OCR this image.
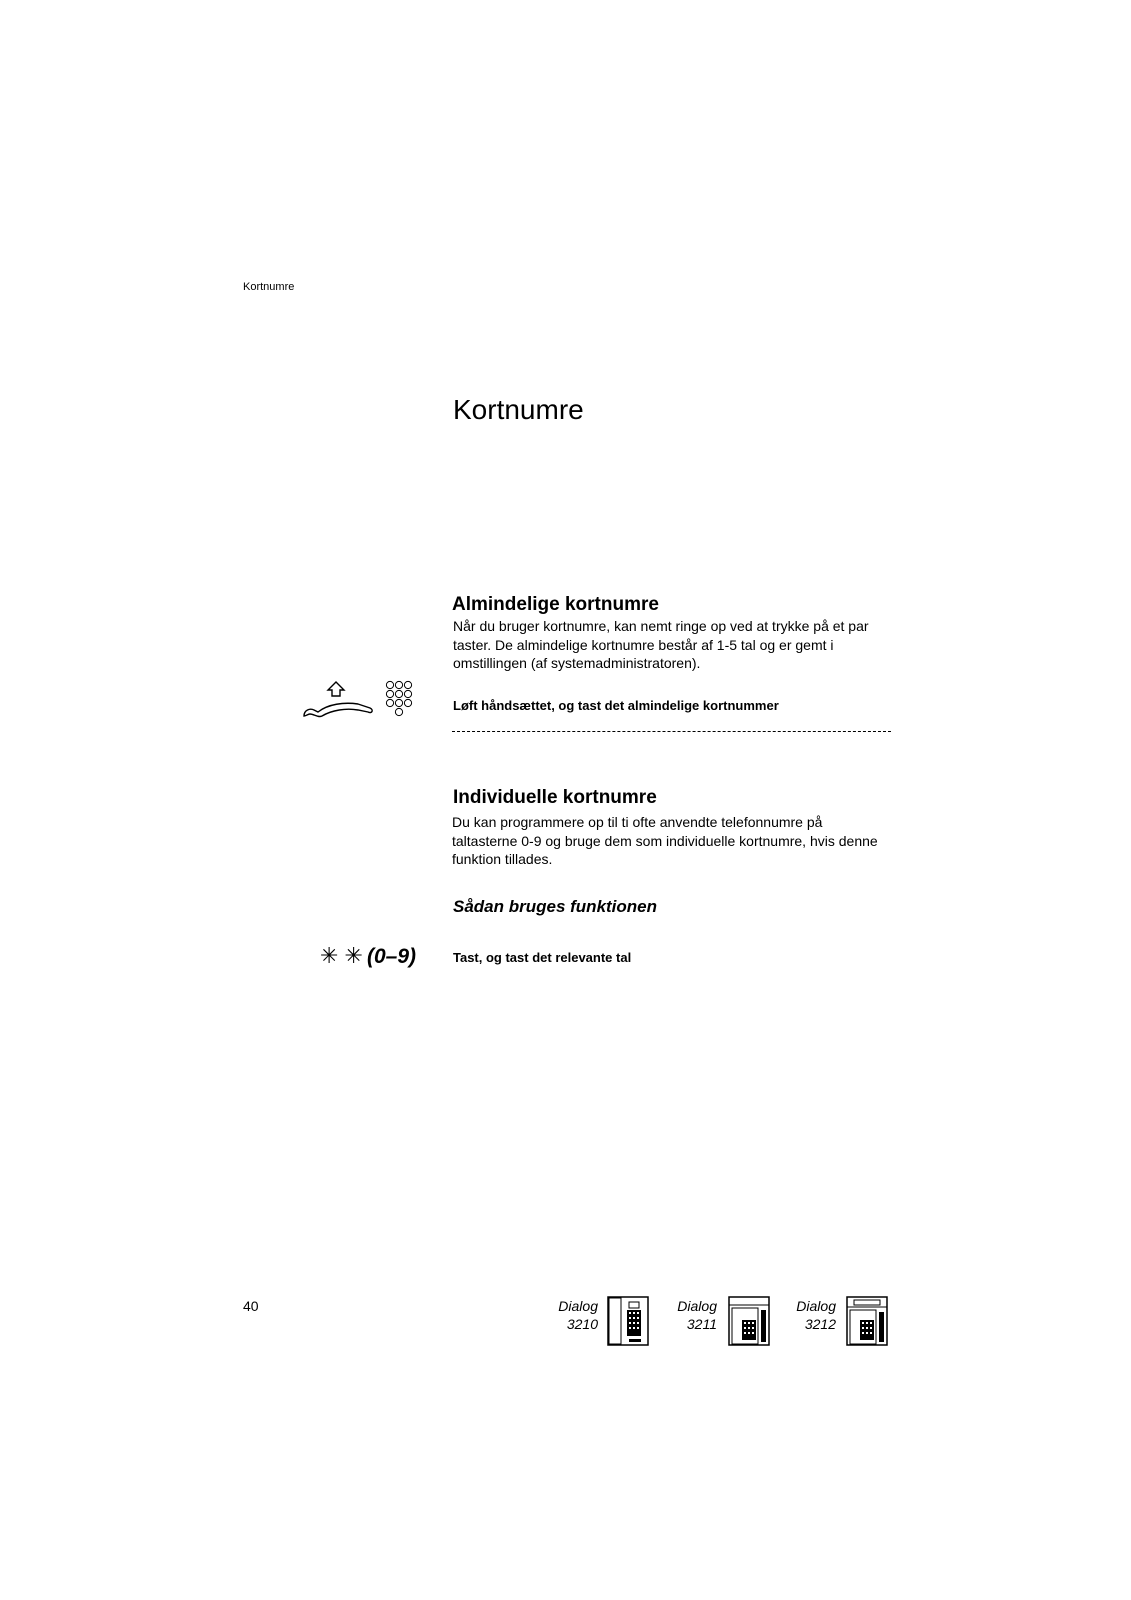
Kortnumre
Kortnumre
Almindelige kortnumre
Når du bruger kortnumre, kan nemt ringe op ved at trykke på et par
taster. De almindelige kortnumre består af 1-5 tal og er gemt i
omstillingen (af systemadministratoren).
Løft håndsættet, og tast det almindelige kortnummer
Individuelle kortnumre
Du kan programmere op til ti ofte anvendte telefonnumre på
taltasterne 0-9 og bruge dem som individuelle kortnumre, hvis denne
funktion tillades.
Sådan bruges funktionen
✳ ✳ (0–9)	Tast, og tast det relevante tal
40	Dialog
3210
Dialog
3211
Dialog
3212
